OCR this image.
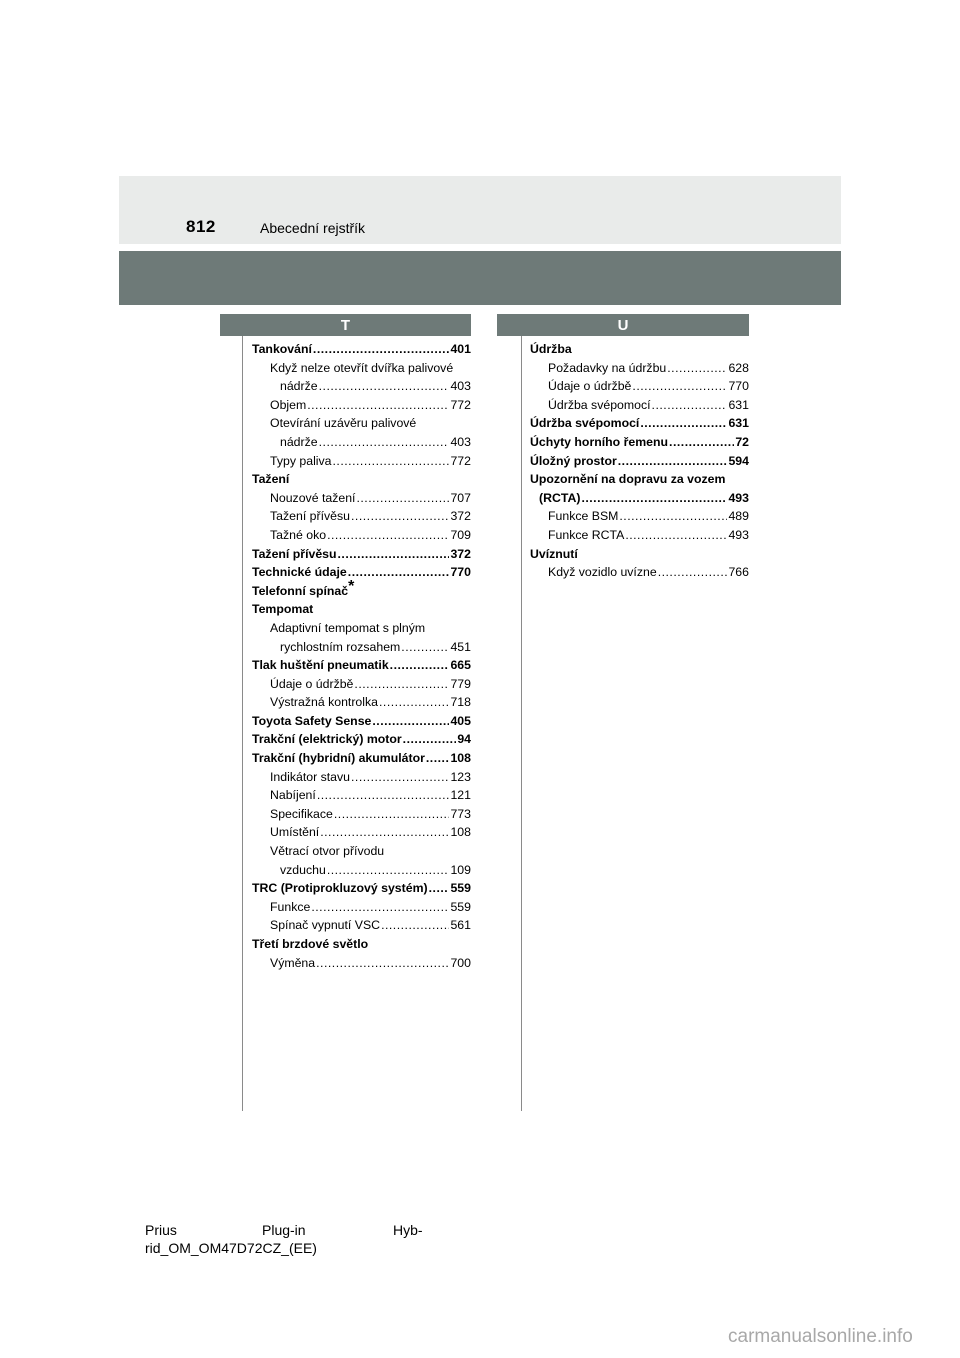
812	Abecední rejstřík
T	U
Tankování .....	401
Když nelze otevřít dvířka palivové
nádrže .....	403
Objem .....	772
Otevírání uzávěru palivové
nádrže .....	403
Typy paliva .....	772
Tažení
Nouzové tažení .....	707
Tažení přívěsu .....	372
Tažné oko .....	709
Tažení přívěsu .....	372
Technické údaje .....	770
Telefonní spínač*
Tempomat
Adaptivní tempomat s plným
rychlostním rozsahem .....	451
Tlak huštění pneumatik .....	665
Údaje o údržbě .....	779
Výstražná kontrolka .....	718
Toyota Safety Sense .....	405
Trakční (elektrický) motor .....	94
Trakční (hybridní) akumulátor ..... 108
Indikátor stavu .....	123
Nabíjení .....	121
Specifikace .....	773
Umístění .....	108
Větrací otvor přívodu
vzduchu .....	109
TRC (Protiprokluzový systém) ..... 559
Funkce .....	559
Spínač vypnutí VSC .....	561
Třetí brzdové světlo
Výměna .....	700
Údržba
Požadavky na údržbu .....	628
Údaje o údržbě .....	770
Údržba svépomocí .....	631
Údržba svépomocí .....	631
Úchyty horního řemenu .....	72
Úložný prostor .....	594
Upozornění na dopravu za vozem
(RCTA) .....	493
Funkce BSM .....	489
Funkce RCTA .....	493
Uvíznutí
Když vozidlo uvízne .....	766
Prius	Plug-in	Hyb-
rid_OM_OM47D72CZ_(EE)
carmanualsonline.info
